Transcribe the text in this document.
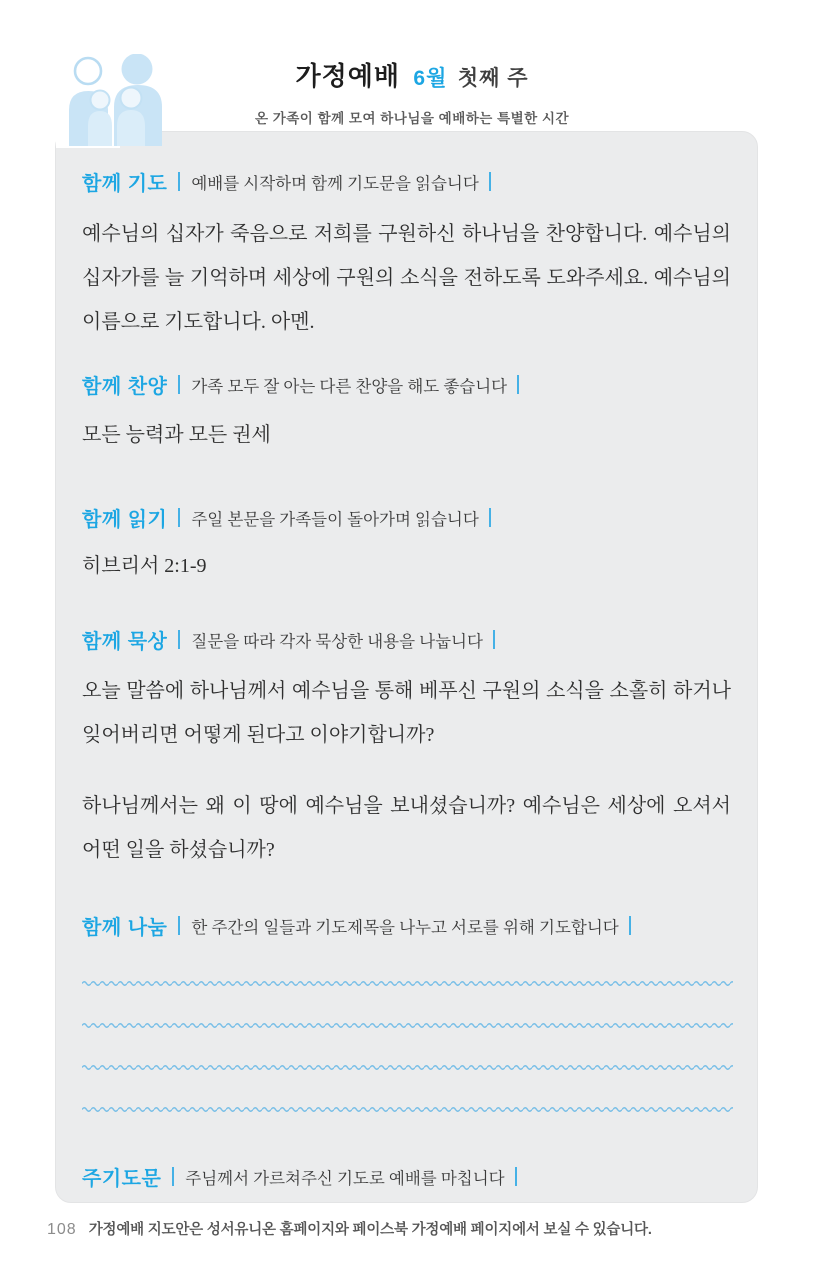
가정예배 6월 첫째 주
온 가족이 함께 모여 하나님을 예배하는 특별한 시간
함께 기도 예배를 시작하며 함께 기도문을 읽습니다

예수님의 십자가 죽음으로 저희를 구원하신 하나님을 찬양합니다. 예수님의 십자가를 늘 기억하며 세상에 구원의 소식을 전하도록 도와주세요. 예수님의 이름으로 기도합니다. 아멘.

함께 찬양 가족 모두 잘 아는 다른 찬양을 해도 좋습니다

모든 능력과 모든 권세

함께 읽기 주일 본문을 가족들이 돌아가며 읽습니다

히브리서 2:1-9

함께 묵상 질문을 따라 각자 묵상한 내용을 나눕니다

오늘 말씀에 하나님께서 예수님을 통해 베푸신 구원의 소식을 소홀히 하거나 잊어버리면 어떻게 된다고 이야기합니까?

하나님께서는 왜 이 땅에 예수님을 보내셨습니까? 예수님은 세상에 오셔서 어떤 일을 하셨습니까?

함께 나눔 한 주간의 일들과 기도제목을 나누고 서로를 위해 기도합니다
주기도문 주님께서 가르쳐주신 기도로 예배를 마칩니다
108 가정예배 지도안은 성서유니온 홈페이지와 페이스북 가정예배 페이지에서 보실 수 있습니다.
